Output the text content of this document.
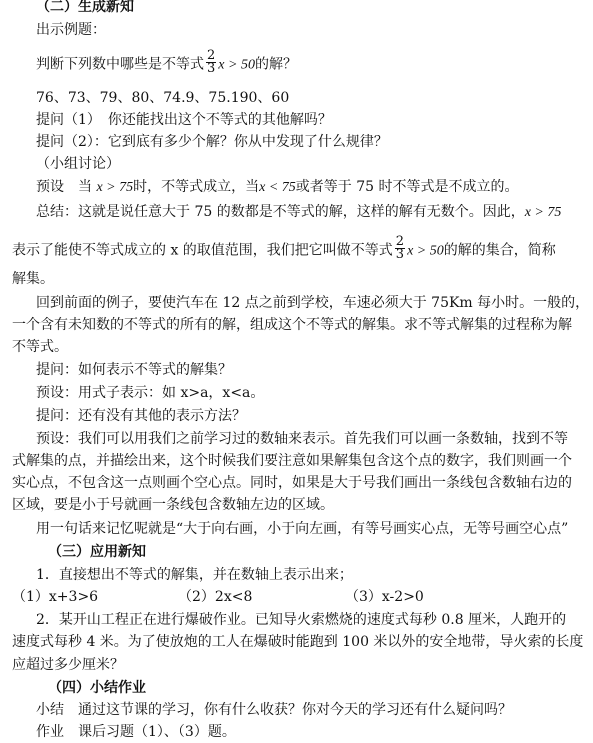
（二）生成新知
出示例题：
判断下列数中哪些是不等式 $\frac{2}{3}$ x > 50的解？
76、73、79、80、74.9、75.190、60
提问（1）　你还能找出这个不等式的其他解吗？
提问（2）：它到底有多少个解？你从中发现了什么规律？
（小组讨论）
预设　当 x > 75时，不等式成立，当x < 75或者等于 75 时不等式是不成立的。
总结：这就是说任意大于 75 的数都是不等式的解，这样的解有无数个。因此，x > 75
表示了能使不等式成立的 x 的取值范围，我们把它叫做不等式 $\frac{2}{3}$ x > 50的解的集合，简称
解集。
回到前面的例子，要使汽车在 12 点之前到学校，车速必须大于 75Km 每小时。一般的，
一个含有未知数的不等式的所有的解，组成这个不等式的解集。求不等式解集的过程称为解
不等式。
提问：如何表示不等式的解集？
预设：用式子表示：如 x>a，x<a。
提问：还有没有其他的表示方法？
预设：我们可以用我们之前学习过的数轴来表示。首先我们可以画一条数轴，找到不等
式解集的点，并描绘出来，这个时候我们要注意如果解集包含这个点的数字，我们则画一个
实心点，不包含这一点则画个空心点。同时，如果是大于号我们画出一条线包含数轴右边的
区域，要是小于号就画一条线包含数轴左边的区域。
用一句话来记忆呢就是“大于向右画，小于向左画，有等号画实心点，无等号画空心点”
（三）应用新知
1．直接想出不等式的解集，并在数轴上表示出来；
（1）x+3>6	（2）2x<8	（3）x-2>0
2．某开山工程正在进行爆破作业。已知导火索燃烧的速度式每秒 0.8 厘米，人跑开的
速度式每秒 4 米。为了使放炮的工人在爆破时能跑到 100 米以外的安全地带，导火索的长度
应超过多少厘米？
（四）小结作业
小结　通过这节课的学习，你有什么收获？你对今天的学习还有什么疑问吗？
作业　课后习题（1）、（3）题。
